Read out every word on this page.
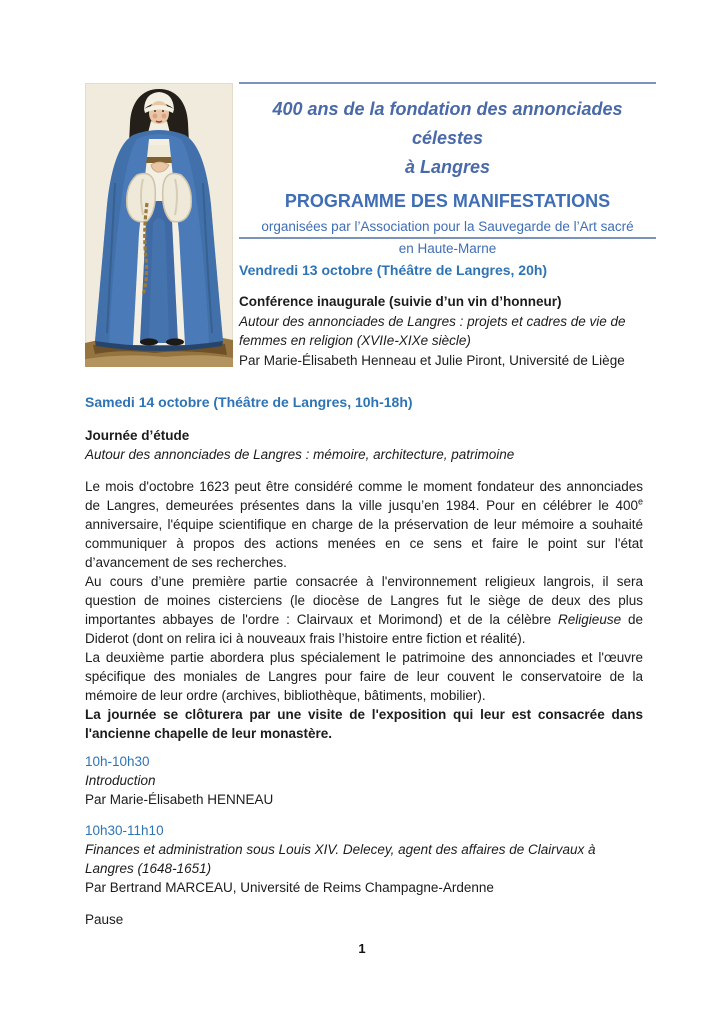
400 ans de la fondation des annonciades célestes
à Langres
PROGRAMME DES MANIFESTATIONS
organisées par l’Association pour la Sauvegarde de l’Art sacré
en Haute-Marne
Vendredi 13 octobre (Théâtre de Langres, 20h)
Conférence inaugurale (suivie d’un vin d’honneur)
Autour des annonciades de Langres : projets et cadres de vie de femmes en religion (XVIIe-XIXe siècle)
Par Marie-Élisabeth Henneau et Julie Piront, Université de Liège
Samedi 14 octobre (Théâtre de Langres, 10h-18h)
Journée d’étude
Autour des annonciades de Langres : mémoire, architecture, patrimoine

Le mois d'octobre 1623 peut être considéré comme le moment fondateur des annonciades de Langres, demeurées présentes dans la ville jusqu’en 1984. Pour en célébrer le 400e anniversaire, l'équipe scientifique en charge de la préservation de leur mémoire a souhaité communiquer à propos des actions menées en ce sens et faire le point sur l'état d’avancement de ses recherches.

Au cours d’une première partie consacrée à l'environnement religieux langrois, il sera question de moines cisterciens (le diocèse de Langres fut le siège de deux des plus importantes abbayes de l'ordre : Clairvaux et Morimond) et de la célèbre Religieuse de Diderot (dont on relira ici à nouveaux frais l’histoire entre fiction et réalité).

La deuxième partie abordera plus spécialement le patrimoine des annonciades et l'œuvre spécifique des moniales de Langres pour faire de leur couvent le conservatoire de la mémoire de leur ordre (archives, bibliothèque, bâtiments, mobilier).

La journée se clôturera par une visite de l'exposition qui leur est consacrée dans l'ancienne chapelle de leur monastère.

10h-10h30
Introduction
Par Marie-Élisabeth HENNEAU
10h30-11h10
Finances et administration sous Louis XIV. Delecey, agent des affaires de Clairvaux à Langres (1648-1651)
Par Bertrand MARCEAU, Université de Reims Champagne-Ardenne
Pause
1
